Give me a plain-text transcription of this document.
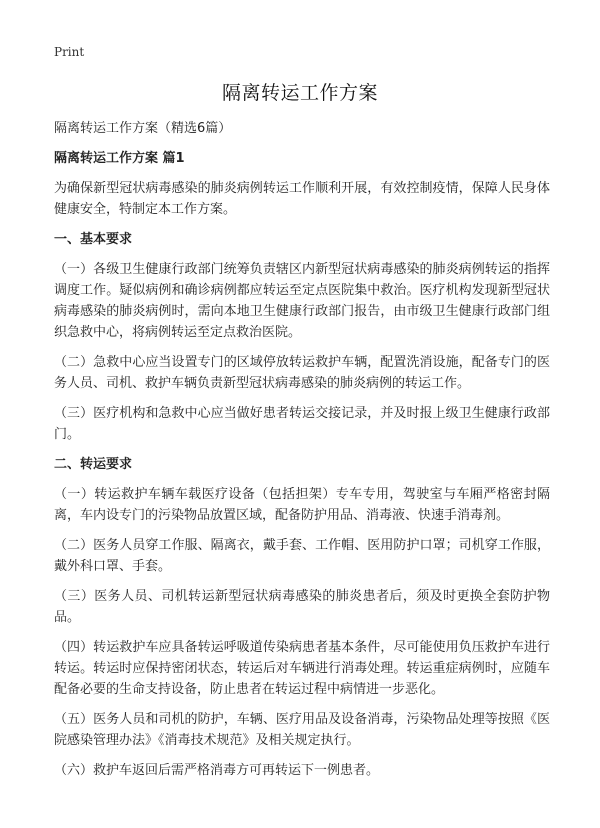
Print
隔离转运工作方案

隔离转运工作方案（精选6篇）

隔离转运工作方案 篇1

为确保新型冠状病毒感染的肺炎病例转运工作顺利开展，有效控制疫情，保障人民身体健康安全，特制定本工作方案。

一、基本要求

（一）各级卫生健康行政部门统筹负责辖区内新型冠状病毒感染的肺炎病例转运的指挥调度工作。疑似病例和确诊病例都应转运至定点医院集中救治。医疗机构发现新型冠状病毒感染的肺炎病例时，需向本地卫生健康行政部门报告，由市级卫生健康行政部门组织急救中心，将病例转运至定点救治医院。

（二）急救中心应当设置专门的区域停放转运救护车辆，配置洗消设施，配备专门的医务人员、司机、救护车辆负责新型冠状病毒感染的肺炎病例的转运工作。

（三）医疗机构和急救中心应当做好患者转运交接记录，并及时报上级卫生健康行政部门。

二、转运要求

（一）转运救护车辆车载医疗设备（包括担架）专车专用，驾驶室与车厢严格密封隔离，车内设专门的污染物品放置区域，配备防护用品、消毒液、快速手消毒剂。

（二）医务人员穿工作服、隔离衣，戴手套、工作帽、医用防护口罩；司机穿工作服，戴外科口罩、手套。

（三）医务人员、司机转运新型冠状病毒感染的肺炎患者后，须及时更换全套防护物品。

（四）转运救护车应具备转运呼吸道传染病患者基本条件，尽可能使用负压救护车进行转运。转运时应保持密闭状态，转运后对车辆进行消毒处理。转运重症病例时，应随车配备必要的生命支持设备，防止患者在转运过程中病情进一步恶化。

（五）医务人员和司机的防护，车辆、医疗用品及设备消毒，污染物品处理等按照《医院感染管理办法》《消毒技术规范》及相关规定执行。

（六）救护车返回后需严格消毒方可再转运下一例患者。
